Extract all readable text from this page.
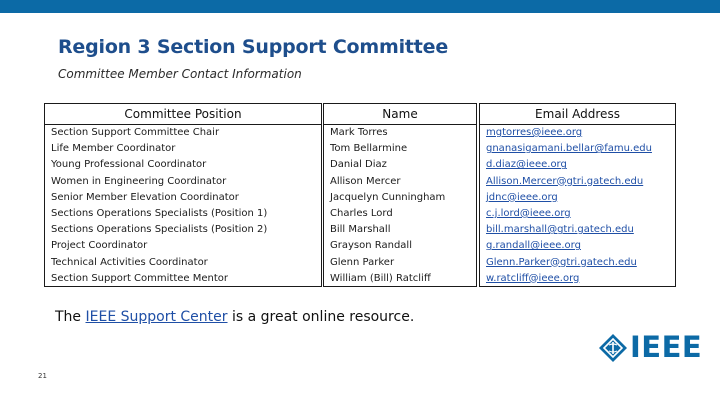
Region 3 Section Support Committee
Committee Member Contact Information
Committee Position
Section Support Committee Chair
Life Member Coordinator
Young Professional Coordinator
Women in Engineering Coordinator
Senior Member Elevation Coordinator
Sections Operations Specialists (Position 1)
Sections Operations Specialists (Position 2)
Project Coordinator
Technical Activities Coordinator
Section Support Committee Mentor
Name
Mark Torres
Tom Bellarmine
Danial Diaz
Allison Mercer
Jacquelyn Cunningham
Charles Lord
Bill Marshall
Grayson Randall
Glenn Parker
William (Bill) Ratcliff
Email Address
mgtorres@ieee.org
gnanasigamani.bellar@famu.edu
d.diaz@ieee.org
Allison.Mercer@gtri.gatech.edu
jdnc@ieee.org
c.j.lord@ieee.org
bill.marshall@gtri.gatech.edu
g.randall@ieee.org
Glenn.Parker@gtri.gatech.edu
w.ratcliff@ieee.org
The IEEE Support Center is a great online resource.
21
IEEE
